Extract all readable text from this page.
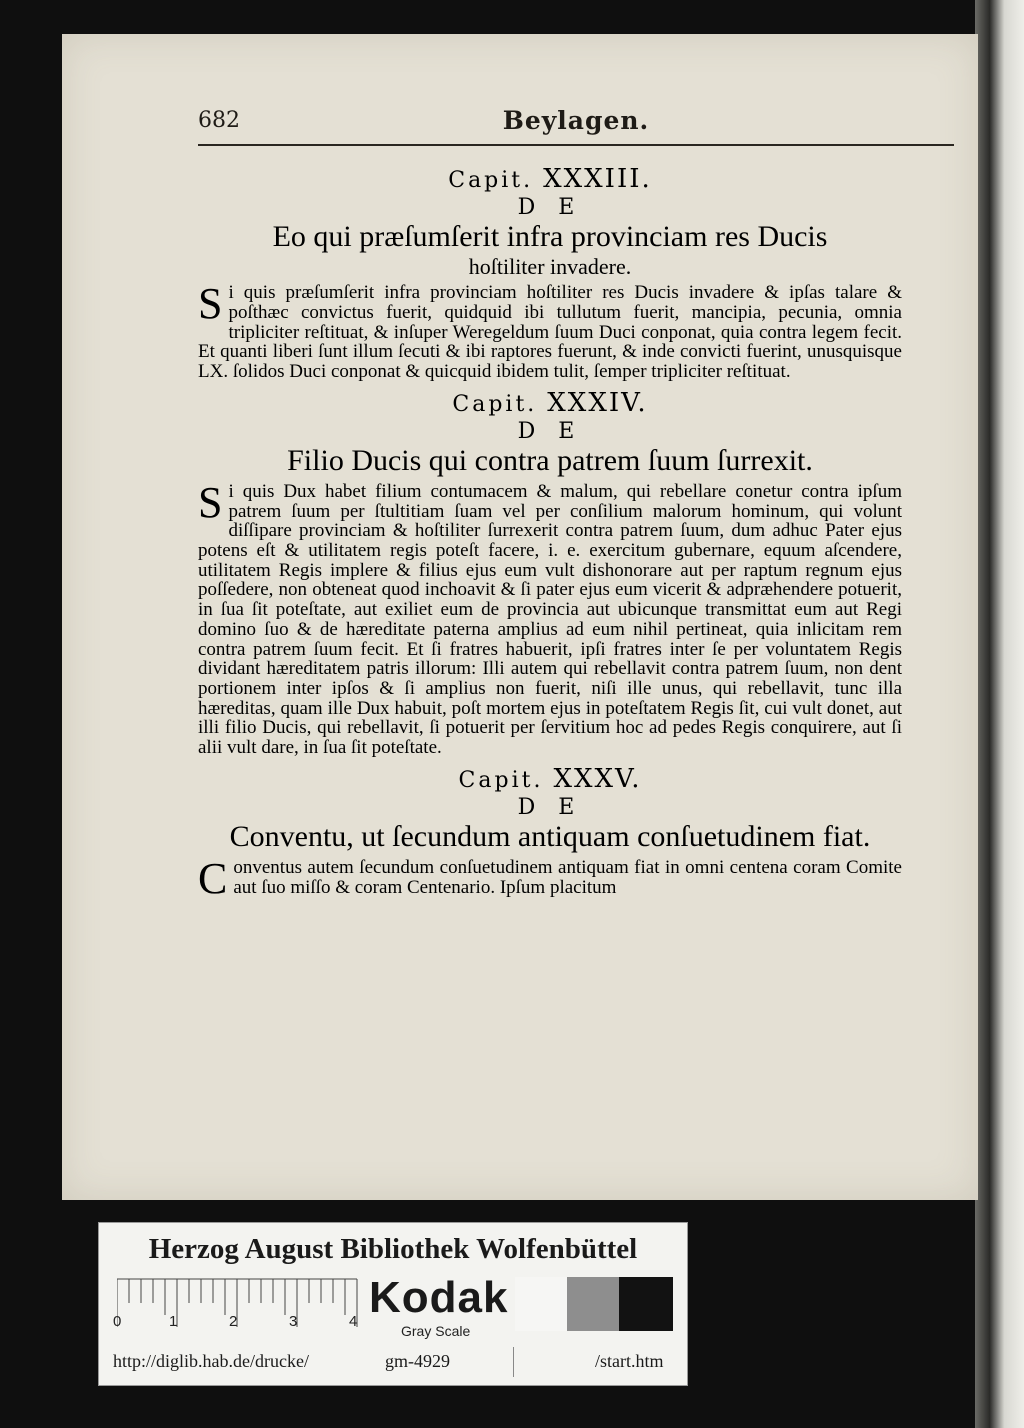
682	Beylagen.
Capit. XXXIII.
D E
Eo qui præſumſerit infra provinciam res Ducis
hoſtiliter invadere.

Si quis præſumſerit infra provinciam hoſtiliter res Ducis invadere & ipſas talare & poſthæc convictus fuerit, quidquid ibi tullutum fuerit, mancipia, pecunia, omnia tripliciter reſtituat, & inſuper Weregeldum ſuum Duci conponat, quia contra legem fecit. Et quanti liberi ſunt illum ſecuti & ibi raptores fuerunt, & inde convicti fuerint, unusquisque LX. ſolidos Duci conponat & quicquid ibidem tulit, ſemper tripliciter reſtituat.

Capit. XXXIV.
D E
Filio Ducis qui contra patrem ſuum ſurrexit.

Si quis Dux habet filium contumacem & malum, qui rebellare conetur contra ipſum patrem ſuum per ſtultitiam ſuam vel per conſilium malorum hominum, qui volunt diſſipare provinciam & hoſtiliter ſurrexerit contra patrem ſuum, dum adhuc Pater ejus potens eſt & utilitatem regis poteſt facere, i. e. exercitum gubernare, equum aſcendere, utilitatem Regis implere & filius ejus eum vult dishonorare aut per raptum regnum ejus poſſedere, non obteneat quod inchoavit & ſi pater ejus eum vicerit & adpræhendere potuerit, in ſua ſit poteſtate, aut exiliet eum de provincia aut ubicunque transmittat eum aut Regi domino ſuo & de hæreditate paterna amplius ad eum nihil pertineat, quia inlicitam rem contra patrem ſuum fecit. Et ſi fratres habuerit, ipſi fratres inter ſe per voluntatem Regis dividant hæreditatem patris illorum: Illi autem qui rebellavit contra patrem ſuum, non dent portionem inter ipſos & ſi amplius non fuerit, niſi ille unus, qui rebellavit, tunc illa hæreditas, quam ille Dux habuit, poſt mortem ejus in poteſtatem Regis ſit, cui vult donet, aut illi filio Ducis, qui rebellavit, ſi potuerit per ſervitium hoc ad pedes Regis conquirere, aut ſi alii vult dare, in ſua ſit poteſtate.

Capit. XXXV.
D E
Conventu, ut ſecundum antiquam conſuetudinem fiat.

Conventus autem ſecundum conſuetudinem antiquam fiat in omni centena coram Comite aut ſuo miſſo & coram Centenario. Ipſum placitum

Herzog August Bibliothek Wolfenbüttel
0	1	2	3	4 Kodak
Gray Scale
http://diglib.hab.de/drucke/	gm-4929	/start.htm
